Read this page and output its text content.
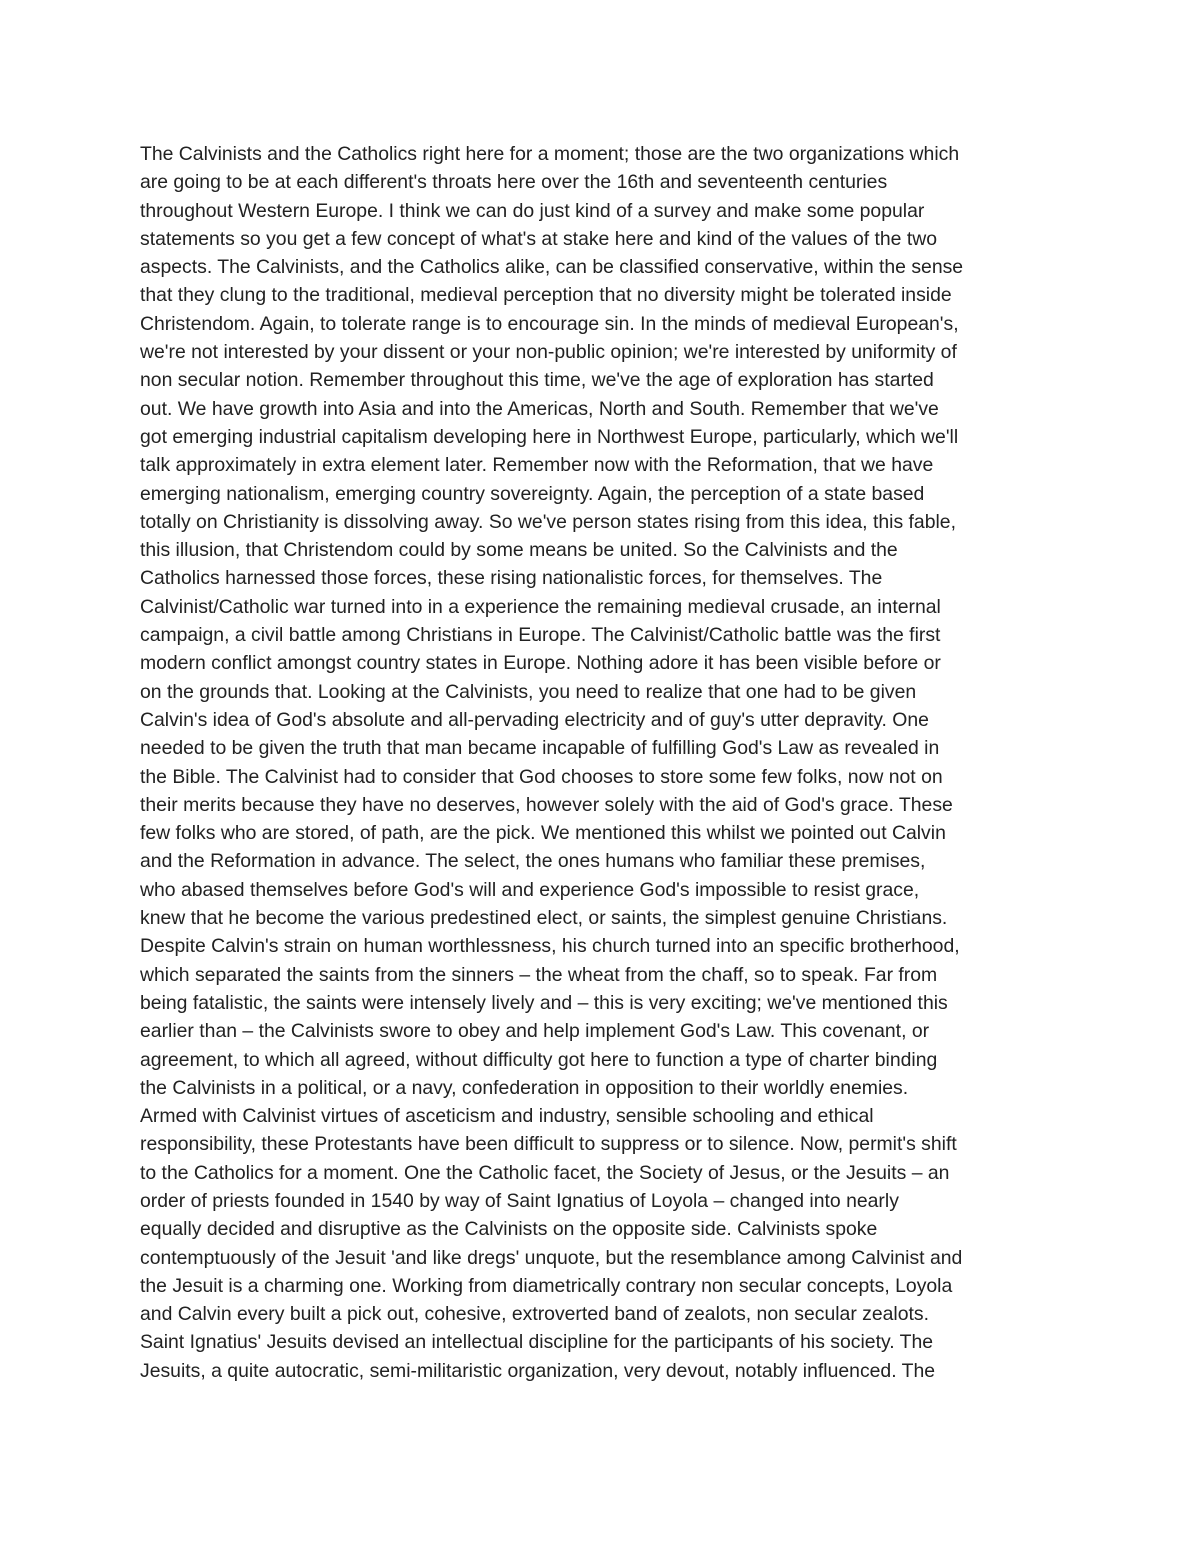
The Calvinists and the Catholics right here for a moment; those are the two organizations which
are going to be at each different's throats here over the 16th and seventeenth centuries
throughout Western Europe. I think we can do just kind of a survey and make some popular
statements so you get a few concept of what's at stake here and kind of the values of the two
aspects. The Calvinists, and the Catholics alike, can be classified conservative, within the sense
that they clung to the traditional, medieval perception that no diversity might be tolerated inside
Christendom. Again, to tolerate range is to encourage sin. In the minds of medieval European's,
we're not interested by your dissent or your non-public opinion; we're interested by uniformity of
non secular notion. Remember throughout this time, we've the age of exploration has started
out. We have growth into Asia and into the Americas, North and South. Remember that we've
got emerging industrial capitalism developing here in Northwest Europe, particularly, which we'll
talk approximately in extra element later. Remember now with the Reformation, that we have
emerging nationalism, emerging country sovereignty. Again, the perception of a state based
totally on Christianity is dissolving away. So we've person states rising from this idea, this fable,
this illusion, that Christendom could by some means be united. So the Calvinists and the
Catholics harnessed those forces, these rising nationalistic forces, for themselves. The
Calvinist/Catholic war turned into in a experience the remaining medieval crusade, an internal
campaign, a civil battle among Christians in Europe. The Calvinist/Catholic battle was the first
modern conflict amongst country states in Europe. Nothing adore it has been visible before or
on the grounds that. Looking at the Calvinists, you need to realize that one had to be given
Calvin's idea of God's absolute and all-pervading electricity and of guy's utter depravity. One
needed to be given the truth that man became incapable of fulfilling God's Law as revealed in
the Bible. The Calvinist had to consider that God chooses to store some few folks, now not on
their merits because they have no deserves, however solely with the aid of God's grace. These
few folks who are stored, of path, are the pick. We mentioned this whilst we pointed out Calvin
and the Reformation in advance. The select, the ones humans who familiar these premises,
who abased themselves before God's will and experience God's impossible to resist grace,
knew that he become the various predestined elect, or saints, the simplest genuine Christians.
Despite Calvin's strain on human worthlessness, his church turned into an specific brotherhood,
which separated the saints from the sinners – the wheat from the chaff, so to speak. Far from
being fatalistic, the saints were intensely lively and – this is very exciting; we've mentioned this
earlier than – the Calvinists swore to obey and help implement God's Law. This covenant, or
agreement, to which all agreed, without difficulty got here to function a type of charter binding
the Calvinists in a political, or a navy, confederation in opposition to their worldly enemies.
Armed with Calvinist virtues of asceticism and industry, sensible schooling and ethical
responsibility, these Protestants have been difficult to suppress or to silence. Now, permit's shift
to the Catholics for a moment. One the Catholic facet, the Society of Jesus, or the Jesuits – an
order of priests founded in 1540 by way of Saint Ignatius of Loyola – changed into nearly
equally decided and disruptive as the Calvinists on the opposite side. Calvinists spoke
contemptuously of the Jesuit 'and like dregs' unquote, but the resemblance among Calvinist and
the Jesuit is a charming one. Working from diametrically contrary non secular concepts, Loyola
and Calvin every built a pick out, cohesive, extroverted band of zealots, non secular zealots.
Saint Ignatius' Jesuits devised an intellectual discipline for the participants of his society. The
Jesuits, a quite autocratic, semi-militaristic organization, very devout, notably influenced. The
